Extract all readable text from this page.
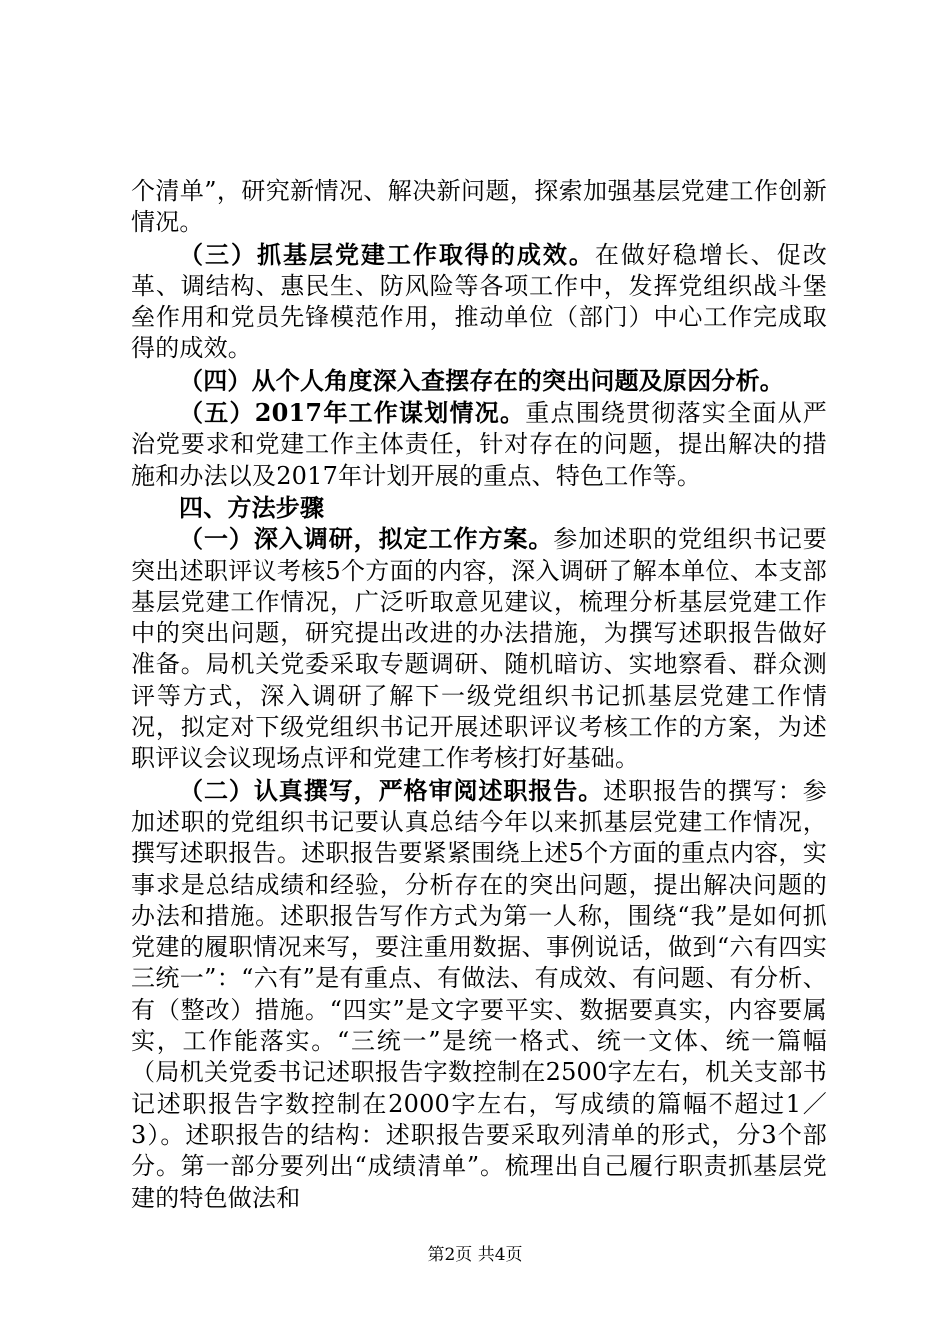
个清单”，研究新情况、解决新问题，探索加强基层党建工作创新情况。

（三）抓基层党建工作取得的成效。在做好稳增长、促改革、调结构、惠民生、防风险等各项工作中，发挥党组织战斗堡垒作用和党员先锋模范作用，推动单位（部门）中心工作完成取得的成效。

（四）从个人角度深入查摆存在的突出问题及原因分析。

（五）2017年工作谋划情况。重点围绕贯彻落实全面从严治党要求和党建工作主体责任，针对存在的问题，提出解决的措施和办法以及2017年计划开展的重点、特色工作等。

四、方法步骤

（一）深入调研，拟定工作方案。参加述职的党组织书记要突出述职评议考核5个方面的内容，深入调研了解本单位、本支部基层党建工作情况，广泛听取意见建议，梳理分析基层党建工作中的突出问题，研究提出改进的办法措施，为撰写述职报告做好准备。局机关党委采取专题调研、随机暗访、实地察看、群众测评等方式，深入调研了解下一级党组织书记抓基层党建工作情况，拟定对下级党组织书记开展述职评议考核工作的方案，为述职评议会议现场点评和党建工作考核打好基础。

（二）认真撰写，严格审阅述职报告。述职报告的撰写：参加述职的党组织书记要认真总结今年以来抓基层党建工作情况，撰写述职报告。述职报告要紧紧围绕上述5个方面的重点内容，实事求是总结成绩和经验，分析存在的突出问题，提出解决问题的办法和措施。述职报告写作方式为第一人称，围绕“我”是如何抓党建的履职情况来写，要注重用数据、事例说话，做到“六有四实三统一”：“六有”是有重点、有做法、有成效、有问题、有分析、有（整改）措施。“四实”是文字要平实、数据要真实，内容要属实，工作能落实。“三统一”是统一格式、统一文体、统一篇幅（局机关党委书记述职报告字数控制在2500字左右，机关支部书记述职报告字数控制在2000字左右，写成绩的篇幅不超过1／3）。述职报告的结构：述职报告要采取列清单的形式，分3个部分。第一部分要列出“成绩清单”。梳理出自己履行职责抓基层党建的特色做法和

第2页 共4页
